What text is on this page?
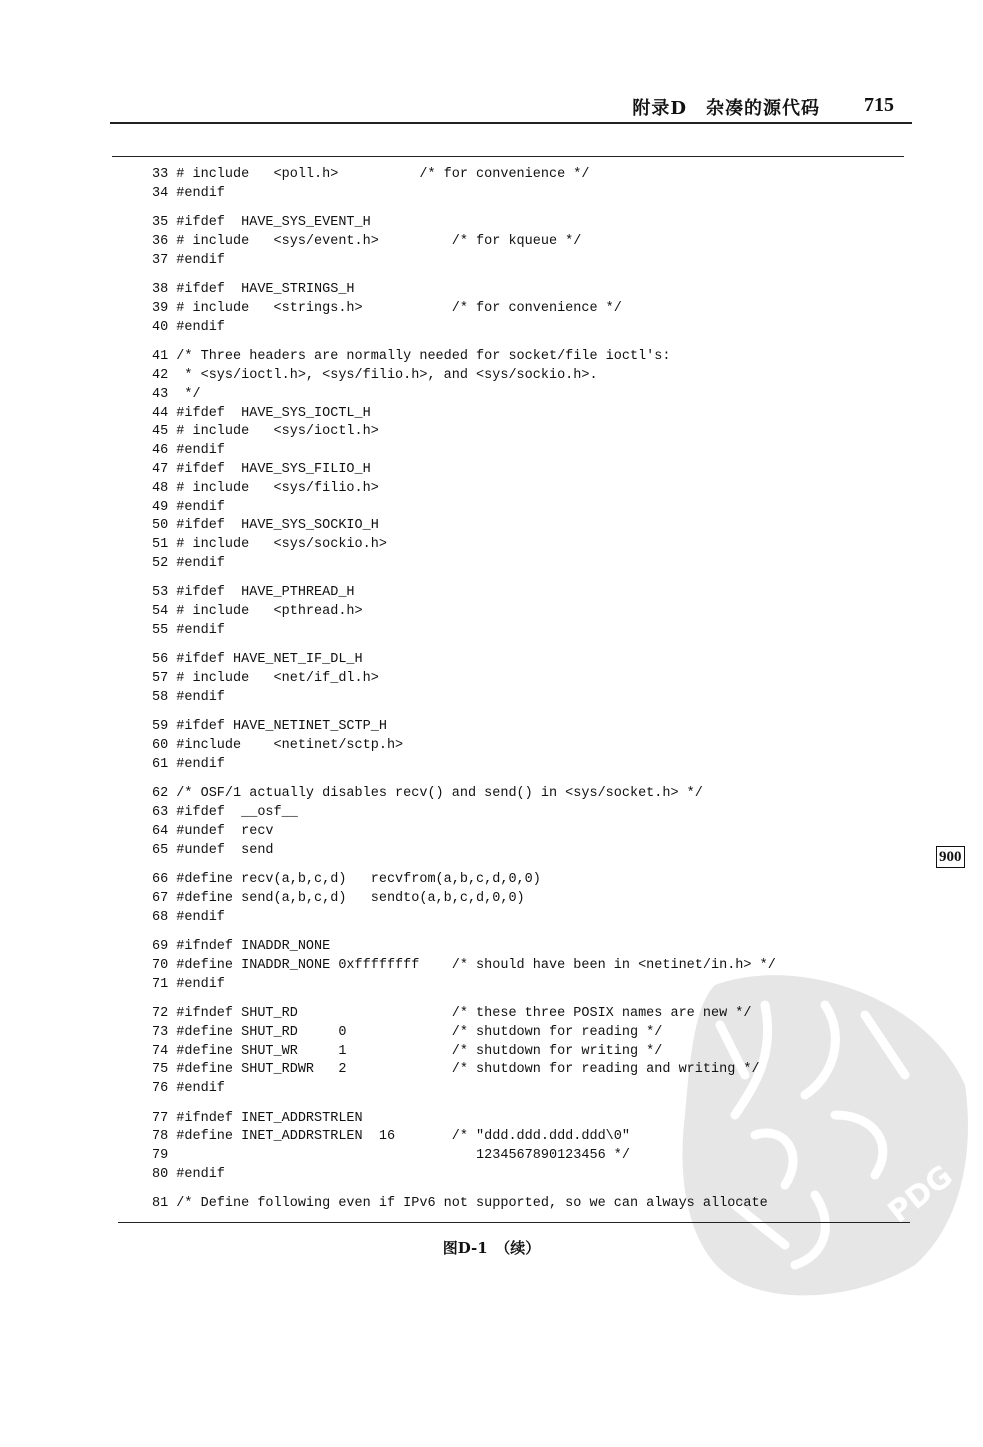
PDG
附录D　杂凑的源代码 715
33 # include   <poll.h>          /* for convenience */
34 #endif
35 #ifdef  HAVE_SYS_EVENT_H
36 # include   <sys/event.h>         /* for kqueue */
37 #endif
38 #ifdef  HAVE_STRINGS_H
39 # include   <strings.h>           /* for convenience */
40 #endif
41 /* Three headers are normally needed for socket/file ioctl's:
42  * <sys/ioctl.h>, <sys/filio.h>, and <sys/sockio.h>.
43  */
44 #ifdef  HAVE_SYS_IOCTL_H
45 # include   <sys/ioctl.h>
46 #endif
47 #ifdef  HAVE_SYS_FILIO_H
48 # include   <sys/filio.h>
49 #endif
50 #ifdef  HAVE_SYS_SOCKIO_H
51 # include   <sys/sockio.h>
52 #endif
53 #ifdef  HAVE_PTHREAD_H
54 # include   <pthread.h>
55 #endif
56 #ifdef HAVE_NET_IF_DL_H
57 # include   <net/if_dl.h>
58 #endif
59 #ifdef HAVE_NETINET_SCTP_H
60 #include    <netinet/sctp.h>
61 #endif
62 /* OSF/1 actually disables recv() and send() in <sys/socket.h> */
63 #ifdef  __osf__
64 #undef  recv
65 #undef  send
66 #define recv(a,b,c,d)   recvfrom(a,b,c,d,0,0)
67 #define send(a,b,c,d)   sendto(a,b,c,d,0,0)
68 #endif
69 #ifndef INADDR_NONE
70 #define INADDR_NONE 0xffffffff    /* should have been in <netinet/in.h> */
71 #endif
72 #ifndef SHUT_RD                   /* these three POSIX names are new */
73 #define SHUT_RD     0             /* shutdown for reading */
74 #define SHUT_WR     1             /* shutdown for writing */
75 #define SHUT_RDWR   2             /* shutdown for reading and writing */
76 #endif
77 #ifndef INET_ADDRSTRLEN
78 #define INET_ADDRSTRLEN  16       /* "ddd.ddd.ddd.ddd\0"
79                                      1234567890123456 */
80 #endif
81 /* Define following even if IPv6 not supported, so we can always allocate
900
图D-1　（续）
